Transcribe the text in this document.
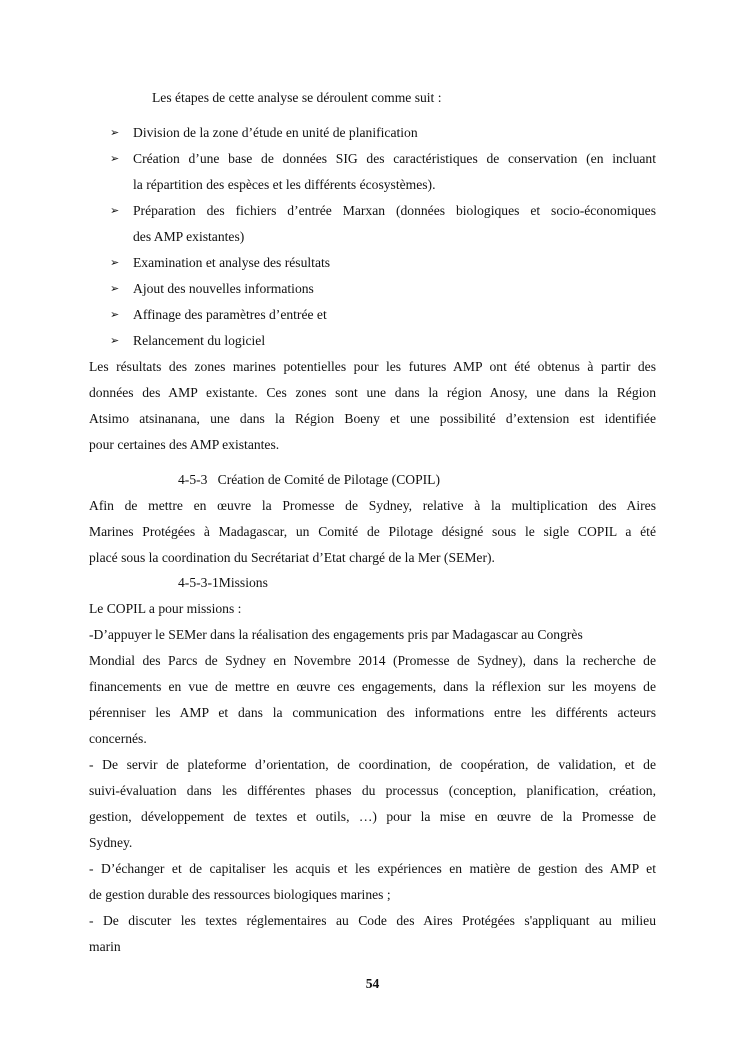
Les étapes de cette analyse se déroulent comme suit :
➢ Division de la zone d’étude en unité de planification
➢ Création d’une base de données SIG des caractéristiques de conservation (en incluant
la répartition des espèces et les différents écosystèmes).
➢ Préparation des fichiers d’entrée Marxan (données biologiques et socio-économiques
des AMP existantes)
➢ Examination et analyse des résultats
➢ Ajout des nouvelles informations
➢ Affinage des paramètres d’entrée et
➢ Relancement du logiciel
Les résultats des zones marines potentielles pour les futures AMP ont été obtenus à partir des
données des AMP existante. Ces zones sont une dans la région Anosy, une dans la Région
Atsimo atsinanana, une dans la Région Boeny et une possibilité d’extension est identifiée
pour certaines des AMP existantes.
4-5-3   Création de Comité de Pilotage (COPIL)
Afin de mettre en œuvre la Promesse de Sydney, relative à la multiplication des Aires
Marines Protégées à Madagascar, un Comité de Pilotage désigné sous le sigle COPIL a été
placé sous la coordination du Secrétariat d’Etat chargé de la Mer (SEMer).
4-5-3-1Missions
Le COPIL a pour missions :
-D’appuyer le SEMer dans la réalisation des engagements pris par Madagascar au Congrès
Mondial des Parcs de Sydney en Novembre 2014 (Promesse de Sydney), dans la recherche de
financements en vue de mettre en œuvre ces engagements, dans la réflexion sur les moyens de
pérenniser les AMP et dans la communication des informations entre les différents acteurs
concernés.
- De servir de plateforme d’orientation, de coordination, de coopération, de validation, et de
suivi-évaluation dans les différentes phases du processus (conception, planification, création,
gestion, développement de textes et outils, …) pour la mise en œuvre de la Promesse de
Sydney.
- D’échanger et de capitaliser les acquis et les expériences en matière de gestion des AMP et
de gestion durable des ressources biologiques marines ;
- De discuter les textes réglementaires au Code des Aires Protégées s'appliquant au milieu
marin
54
